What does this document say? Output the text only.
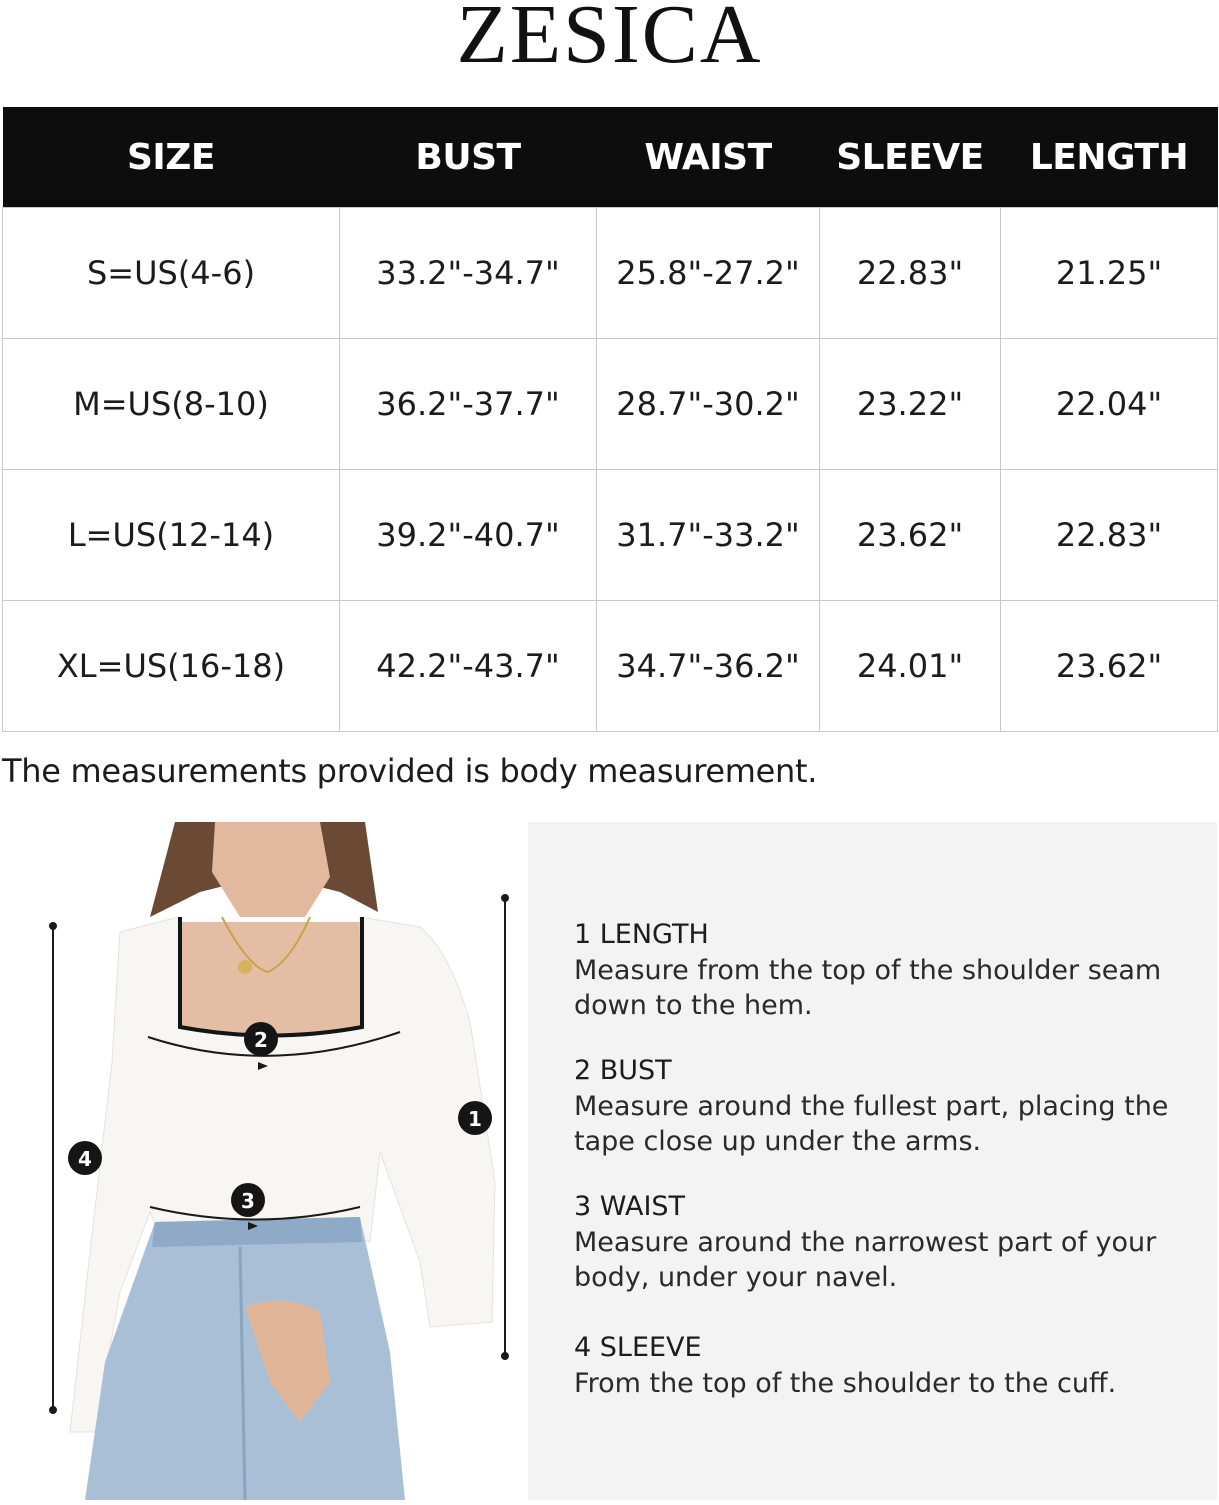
ZESICA
SIZE	BUST	WAIST	SLEEVE	LENGTH
S=US(4-6)	33.2"-34.7"	25.8"-27.2"	22.83"	21.25"
M=US(8-10)	36.2"-37.7"	28.7"-30.2"	23.22"	22.04"
L=US(12-14)	39.2"-40.7"	31.7"-33.2"	23.62"	22.83"
XL=US(16-18)	42.2"-43.7"	34.7"-36.2"	24.01"	23.62"
The measurements provided is body measurement.
1
2
3
4

1 LENGTH

Measure from the top of the shoulder seam down to the hem.

2 BUST

Measure around the fullest part, placing the tape close up under the arms.

3 WAIST

Measure around the narrowest part of your body, under your navel.

4 SLEEVE

From the top of the shoulder to the cuff.
